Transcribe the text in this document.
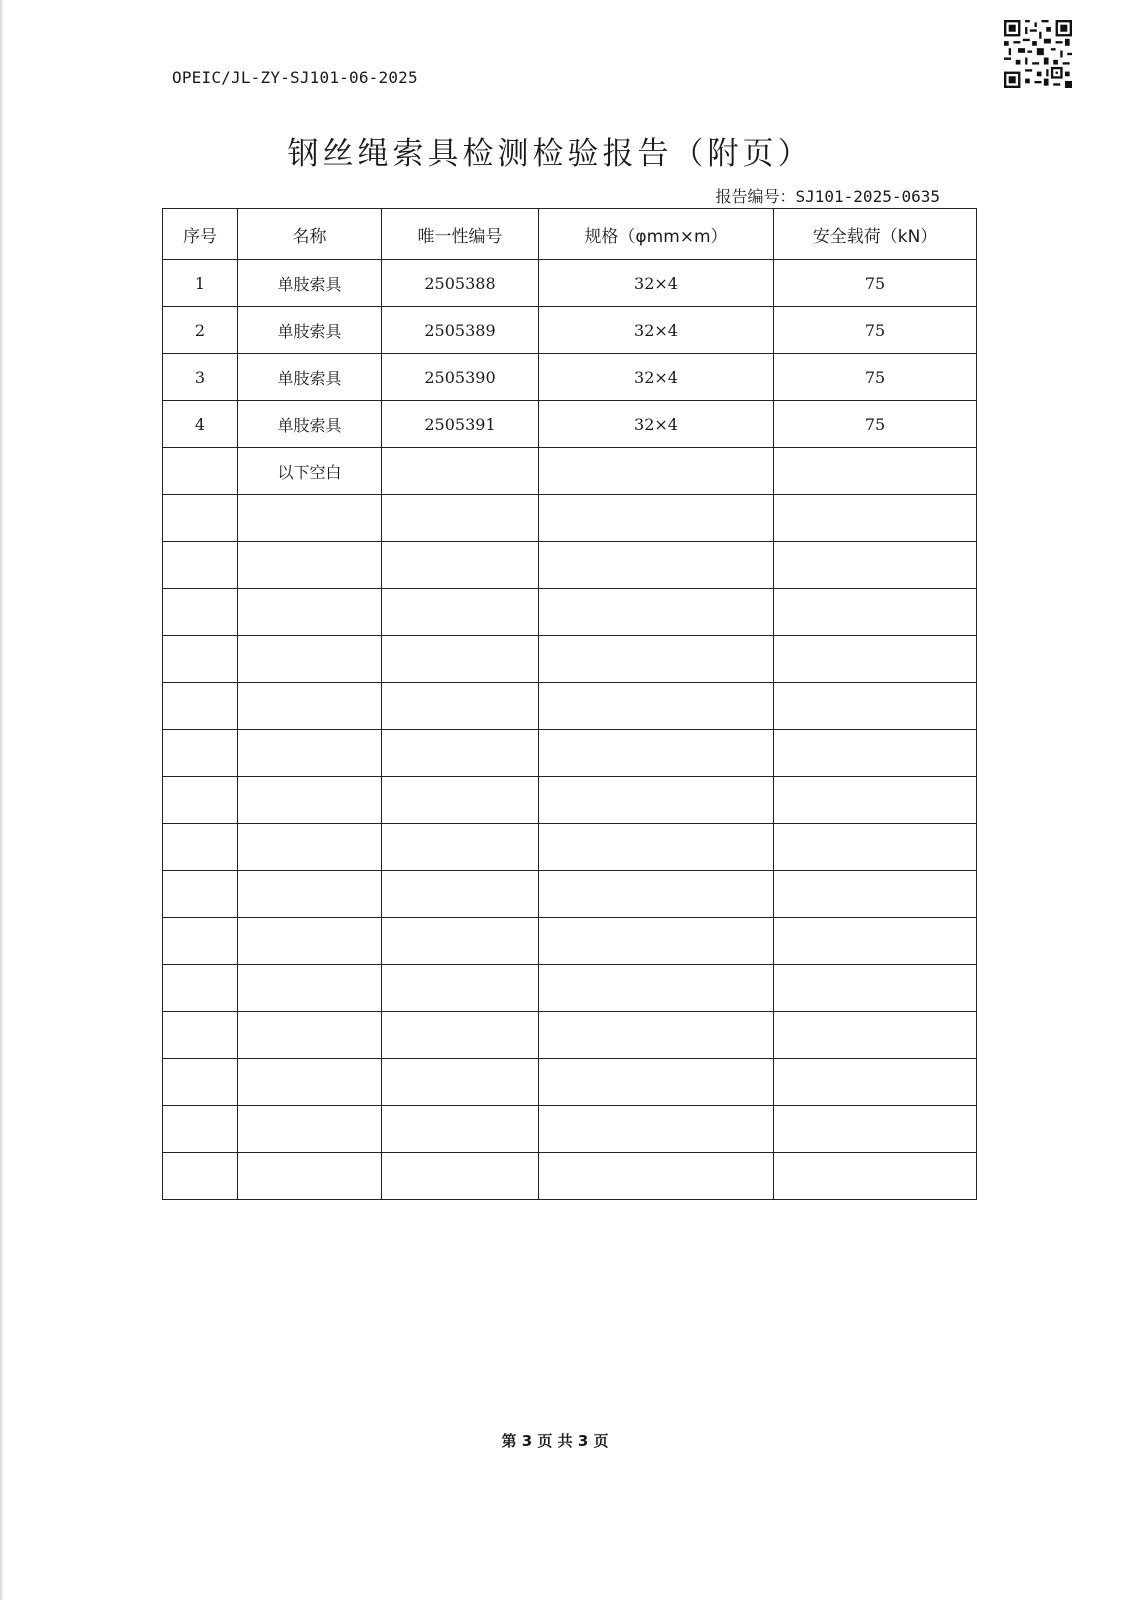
OPEIC/JL-ZY-SJ101-06-2025
钢丝绳索具检测检验报告（附页）
报告编号：SJ101-2025-0635
序号	名称	唯一性编号	规格（φmm×m）	安全载荷（kN）
1	单肢索具	2505388	32×4	75
2	单肢索具	2505389	32×4	75
3	单肢索具	2505390	32×4	75
4	单肢索具	2505391	32×4	75
	以下空白			

第 3 页 共 3 页
